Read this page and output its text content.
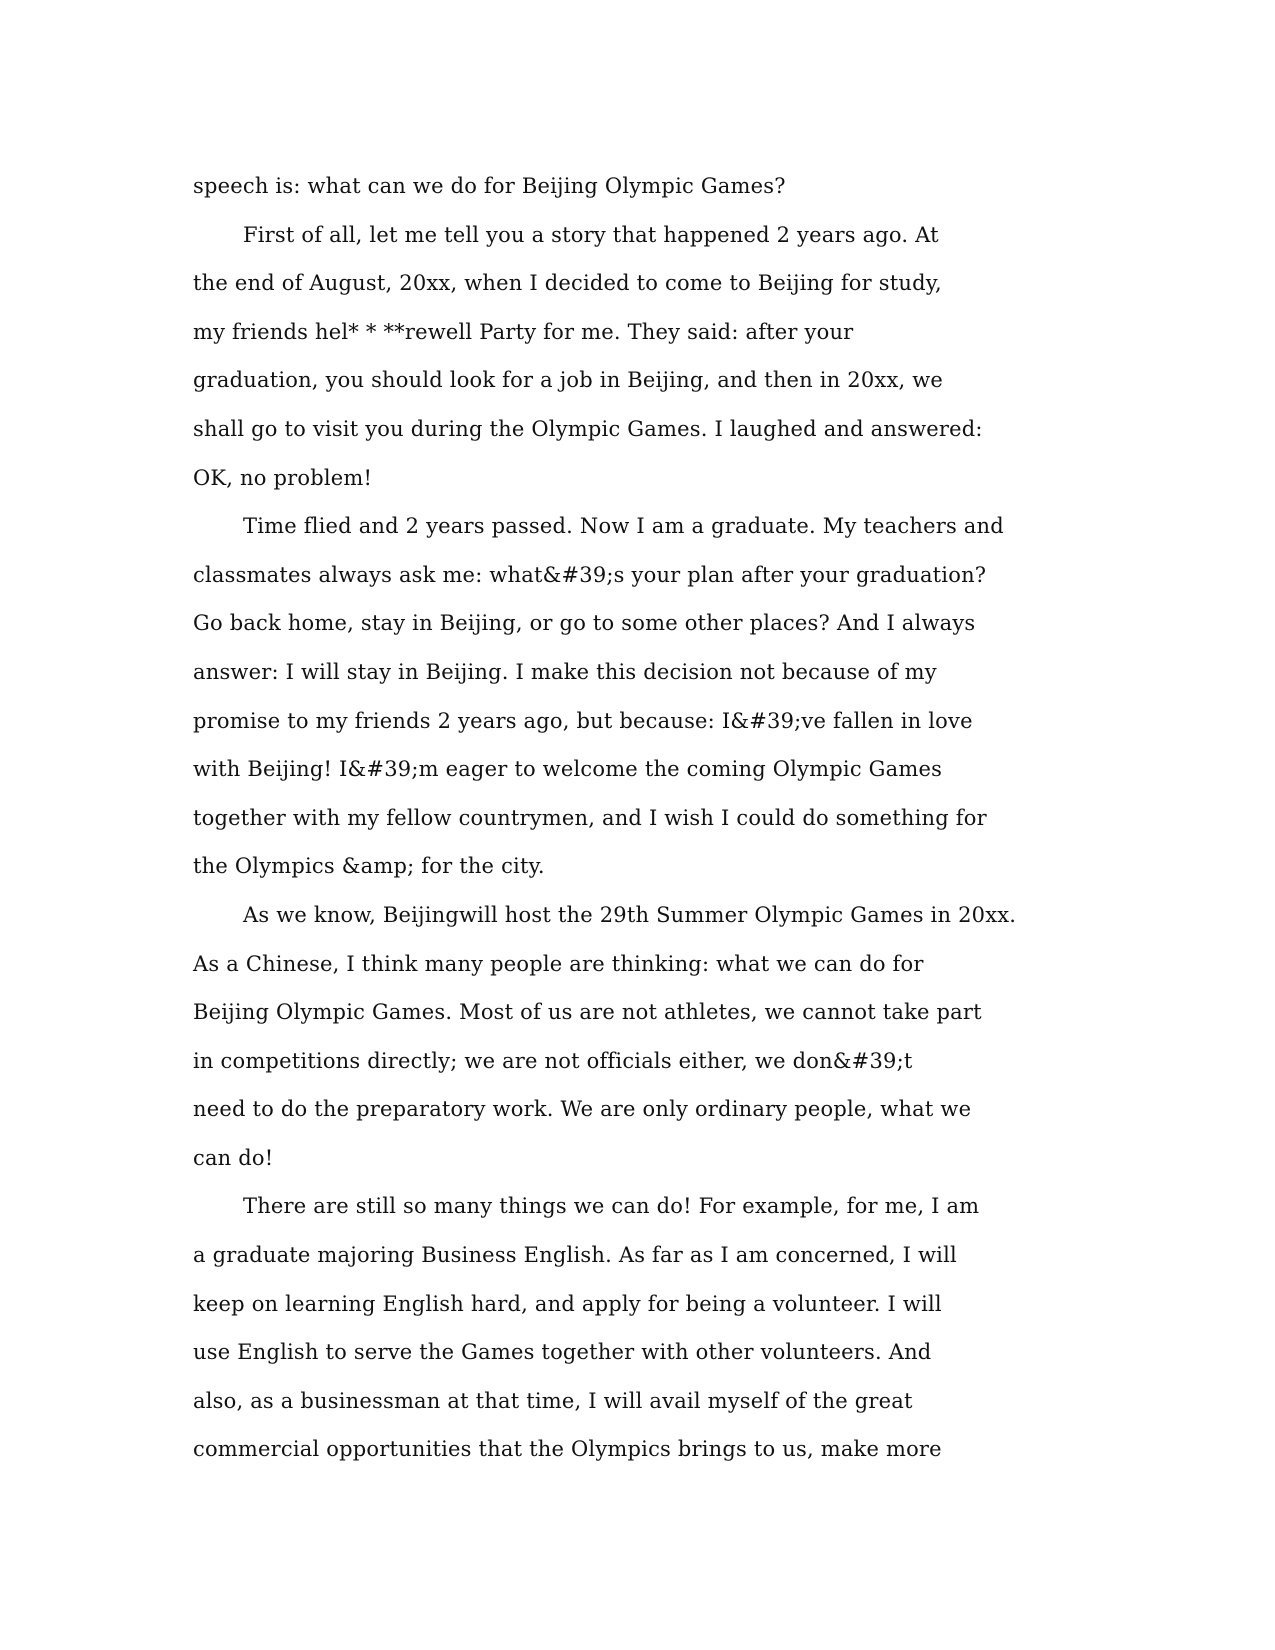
speech is: what can we do for Beijing Olympic Games?
First of all, let me tell you a story that happened 2 years ago. At
the end of August, 20xx, when I decided to come to Beijing for study,
my friends hel* * **rewell Party for me. They said: after your
graduation, you should look for a job in Beijing, and then in 20xx, we
shall go to visit you during the Olympic Games. I laughed and answered:
OK, no problem!
Time flied and 2 years passed. Now I am a graduate. My teachers and
classmates always ask me: what&#39;s your plan after your graduation?
Go back home, stay in Beijing, or go to some other places? And I always
answer: I will stay in Beijing. I make this decision not because of my
promise to my friends 2 years ago, but because: I&#39;ve fallen in love
with Beijing! I&#39;m eager to welcome the coming Olympic Games
together with my fellow countrymen, and I wish I could do something for
the Olympics &amp; for the city.
As we know, Beijingwill host the 29th Summer Olympic Games in 20xx.
As a Chinese, I think many people are thinking: what we can do for
Beijing Olympic Games. Most of us are not athletes, we cannot take part
in competitions directly; we are not officials either, we don&#39;t
need to do the preparatory work. We are only ordinary people, what we
can do!
There are still so many things we can do! For example, for me, I am
a graduate majoring Business English. As far as I am concerned, I will
keep on learning English hard, and apply for being a volunteer. I will
use English to serve the Games together with other volunteers. And
also, as a businessman at that time, I will avail myself of the great
commercial opportunities that the Olympics brings to us, make more
